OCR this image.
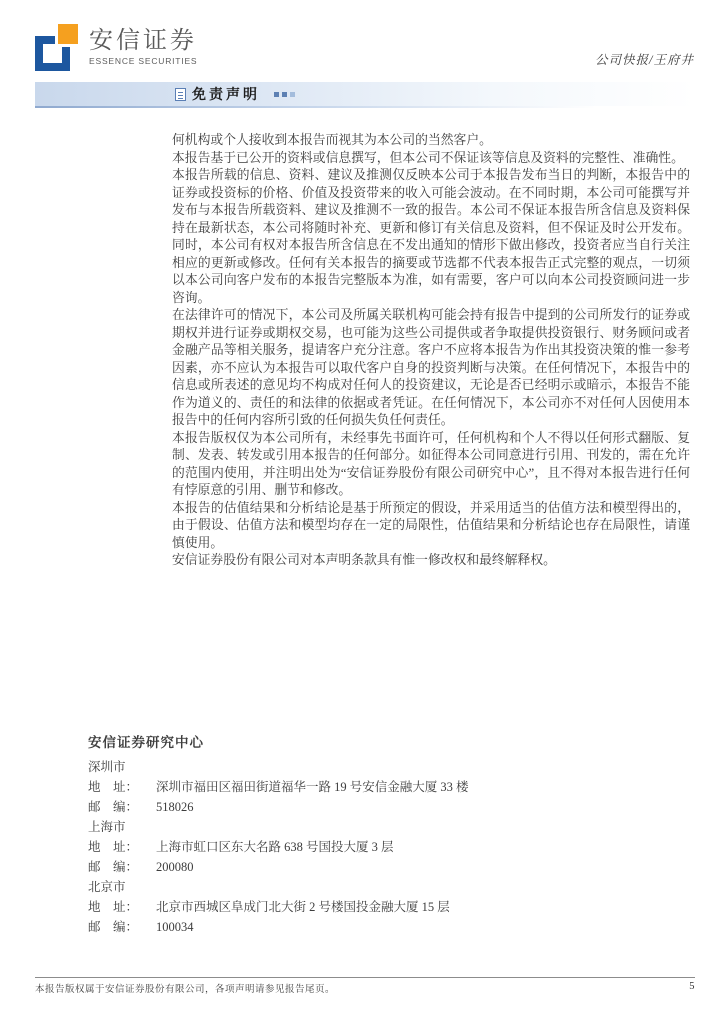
安信证券
ESSENCE SECURITIES	公司快报/王府井
免责声明

何机构或个人接收到本报告而视其为本公司的当然客户。

本报告基于已公开的资料或信息撰写，但本公司不保证该等信息及资料的完整性、准确性。

本报告所载的信息、资料、建议及推测仅反映本公司于本报告发布当日的判断，本报告中的证券或投资标的价格、价值及投资带来的收入可能会波动。在不同时期，本公司可能撰写并发布与本报告所载资料、建议及推测不一致的报告。本公司不保证本报告所含信息及资料保持在最新状态，本公司将随时补充、更新和修订有关信息及资料，但不保证及时公开发布。同时，本公司有权对本报告所含信息在不发出通知的情形下做出修改，投资者应当自行关注相应的更新或修改。任何有关本报告的摘要或节选都不代表本报告正式完整的观点，一切须以本公司向客户发布的本报告完整版本为准，如有需要，客户可以向本公司投资顾问进一步咨询。

在法律许可的情况下，本公司及所属关联机构可能会持有报告中提到的公司所发行的证券或期权并进行证券或期权交易，也可能为这些公司提供或者争取提供投资银行、财务顾问或者金融产品等相关服务，提请客户充分注意。客户不应将本报告为作出其投资决策的惟一参考因素，亦不应认为本报告可以取代客户自身的投资判断与决策。在任何情况下，本报告中的信息或所表述的意见均不构成对任何人的投资建议，无论是否已经明示或暗示，本报告不能作为道义的、责任的和法律的依据或者凭证。在任何情况下，本公司亦不对任何人因使用本报告中的任何内容所引致的任何损失负任何责任。

本报告版权仅为本公司所有，未经事先书面许可，任何机构和个人不得以任何形式翻版、复制、发表、转发或引用本报告的任何部分。如征得本公司同意进行引用、刊发的，需在允许的范围内使用，并注明出处为“安信证券股份有限公司研究中心”，且不得对本报告进行任何有悖原意的引用、删节和修改。

本报告的估值结果和分析结论是基于所预定的假设，并采用适当的估值方法和模型得出的，由于假设、估值方法和模型均存在一定的局限性，估值结果和分析结论也存在局限性，请谨慎使用。

安信证券股份有限公司对本声明条款具有惟一修改权和最终解释权。

安信证券研究中心
深圳市
地　址：	深圳市福田区福田街道福华一路 19 号安信金融大厦 33 楼
邮　编：	518026
上海市
地　址：	上海市虹口区东大名路 638 号国投大厦 3 层
邮　编：	200080
北京市
地　址：	北京市西城区阜成门北大街 2 号楼国投金融大厦 15 层
邮　编：	100034
本报告版权属于安信证券股份有限公司，各项声明请参见报告尾页。	5
